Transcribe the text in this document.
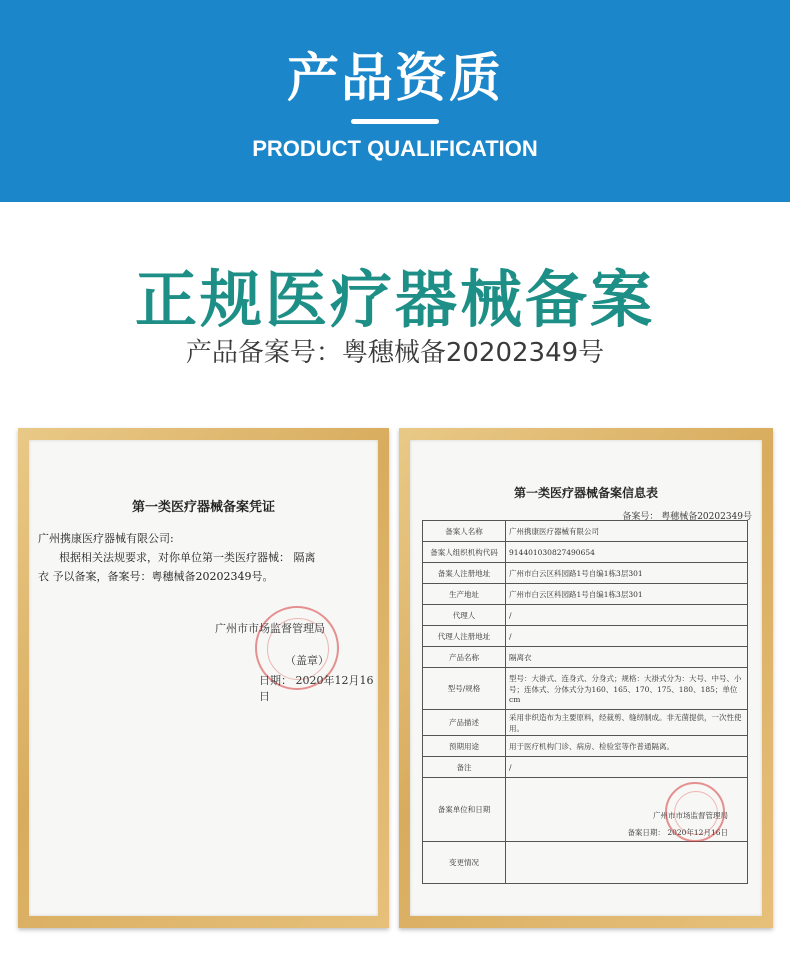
产品资质
PRODUCT QUALIFICATION
正规医疗器械备案
产品备案号：粤穗械备20202349号
第一类医疗器械备案凭证
广州携康医疗器械有限公司:
根据相关法规要求，对你单位第一类医疗器械： 隔离
衣 予以备案，备案号：粤穗械备20202349号。
广州市市场监督管理局
（盖章）
日期： 2020年12月16日
第一类医疗器械备案信息表
备案号： 粤穗械备20202349号
备案人名称	广州携康医疗器械有限公司
备案人组织机构代码	91440103082749065​4
备案人注册地址	广州市白云区科园路1号自编1栋3层301
生产地址	广州市白云区科园路1号自编1栋3层301
代理人	/
代理人注册地址	/
产品名称	隔离衣
型号/规格	型号：大褂式、连身式、分身式；规格：大褂式分为：大号、中号、小号；连体式、分体式分为160、165、170、175、180、185；单位cm
产品描述	采用非织造布为主要原料，经裁剪、缝纫制成。非无菌提供，一次性使用。
预期用途	用于医疗机构门诊、病房、检验室等作普通隔离。
备注	/
备案单位和日期	广州市市场监督管理局
备案日期： 2020年12月16日

变更情况	
